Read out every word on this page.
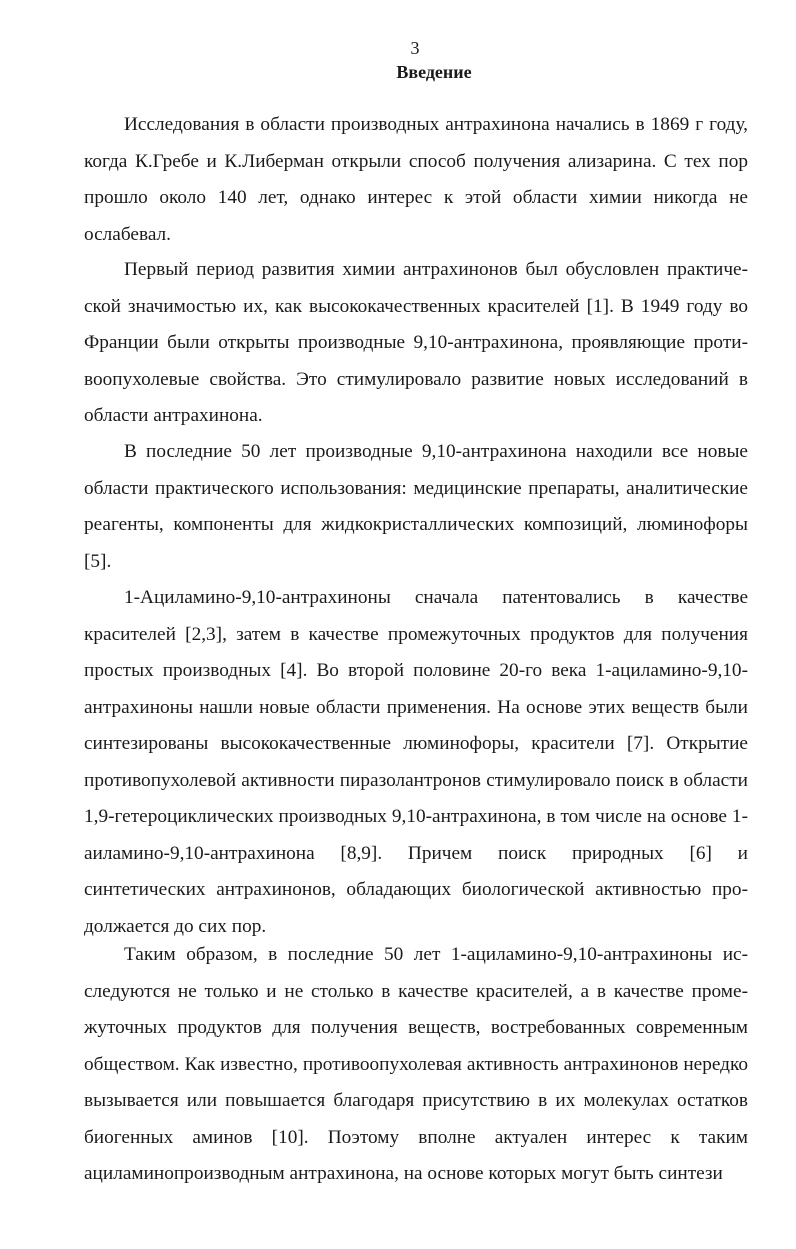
3
Введение

Исследования в области производных антрахинона начались в 1869 г году, когда К.Гребе и К.Либерман открыли способ получения ализарина. С тех пор прошло около 140 лет, однако интерес к этой области химии никогда не ослабевал.

Первый период развития химии антрахинонов был обусловлен практической значимостью их, как высококачественных красителей [1]. В 1949 году во Франции были открыты производные 9,10-антрахинона, проявляющие противоопухолевые свойства. Это стимулировало развитие новых исследований в области антрахинона.

В последние 50 лет производные 9,10-антрахинона находили все новые области практического использования: медицинские препараты, аналитические реагенты, компоненты для жидкокристаллических композиций, люминофоры [5].

1-Ациламино-9,10-антрахиноны сначала патентовались в качестве красителей [2,3], затем в качестве промежуточных продуктов для получения простых производных [4]. Во второй половине 20-го века 1-ациламино-9,10-антрахиноны нашли новые области применения. На основе этих веществ были синтезированы высококачественные люминофоры, красители [7]. Открытие противопухолевой активности пиразолантронов стимулировало поиск в области 1,9-гетероциклических производных 9,10-антрахинона, в том числе на основе 1-аиламино-9,10-антрахинона [8,9]. Причем поиск природных [6] и синтетических антрахинонов, обладающих биологической активностью продолжается до сих пор.

Таким образом, в последние 50 лет 1-ациламино-9,10-антрахиноны исследуются не только и не столько в качестве красителей, а в качестве промежуточных продуктов для получения веществ, востребованных современным обществом. Как известно, противоопухолевая активность антрахинонов нередко вызывается или повышается благодаря присутствию в их молекулах остатков биогенных аминов [10]. Поэтому вполне актуален интерес к таким ациламинопроизводным антрахинона, на основе которых могут быть синтези
